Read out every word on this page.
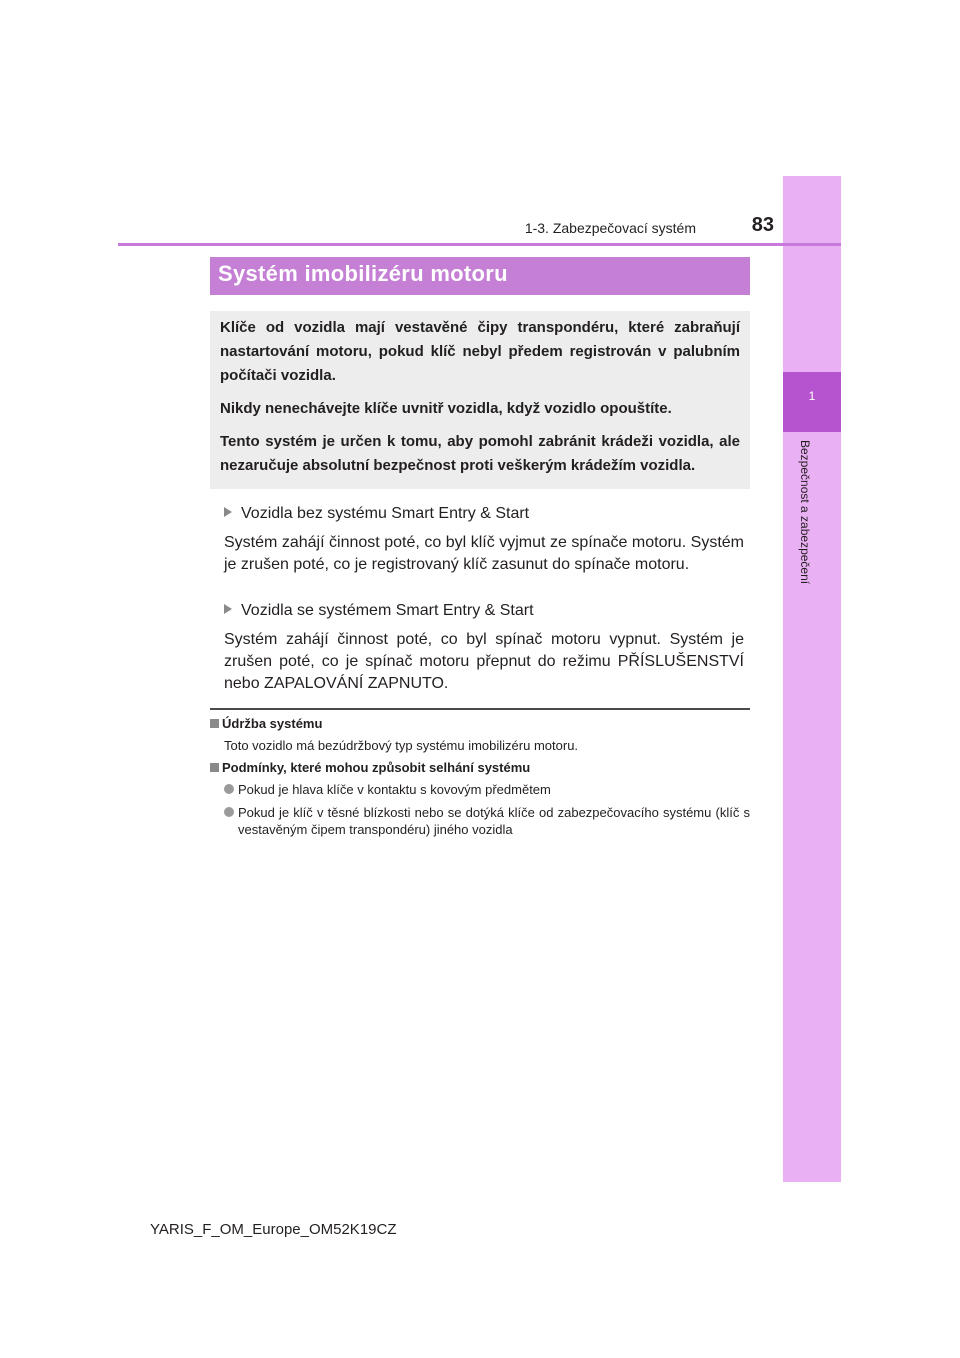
1
Bezpečnost a zabezpečení
1-3. Zabezpečovací systém	83
Systém imobilizéru motoru

Klíče od vozidla mají vestavěné čipy transpondéru, které zabraňují nastartování motoru, pokud klíč nebyl předem registrován v palubním počítači vozidla.

Nikdy nenechávejte klíče uvnitř vozidla, když vozidlo opouštíte.

Tento systém je určen k tomu, aby pomohl zabránit krádeži vozidla, ale nezaručuje absolutní bezpečnost proti veškerým krádežím vozidla.

Vozidla bez systému Smart Entry & Start

Systém zahájí činnost poté, co byl klíč vyjmut ze spínače motoru. Systém je zrušen poté, co je registrovaný klíč zasunut do spínače motoru.

Vozidla se systémem Smart Entry & Start

Systém zahájí činnost poté, co byl spínač motoru vypnut. Systém je zrušen poté, co je spínač motoru přepnut do režimu PŘÍSLUŠENSTVÍ nebo ZAPALOVÁNÍ ZAPNUTO.

Údržba systému

Toto vozidlo má bezúdržbový typ systému imobilizéru motoru.

Podmínky, které mohou způsobit selhání systému
Pokud je hlava klíče v kontaktu s kovovým předmětem
Pokud je klíč v těsné blízkosti nebo se dotýká klíče od zabezpečovacího systému (klíč s vestavěným čipem transpondéru) jiného vozidla
YARIS_F_OM_Europe_OM52K19CZ
